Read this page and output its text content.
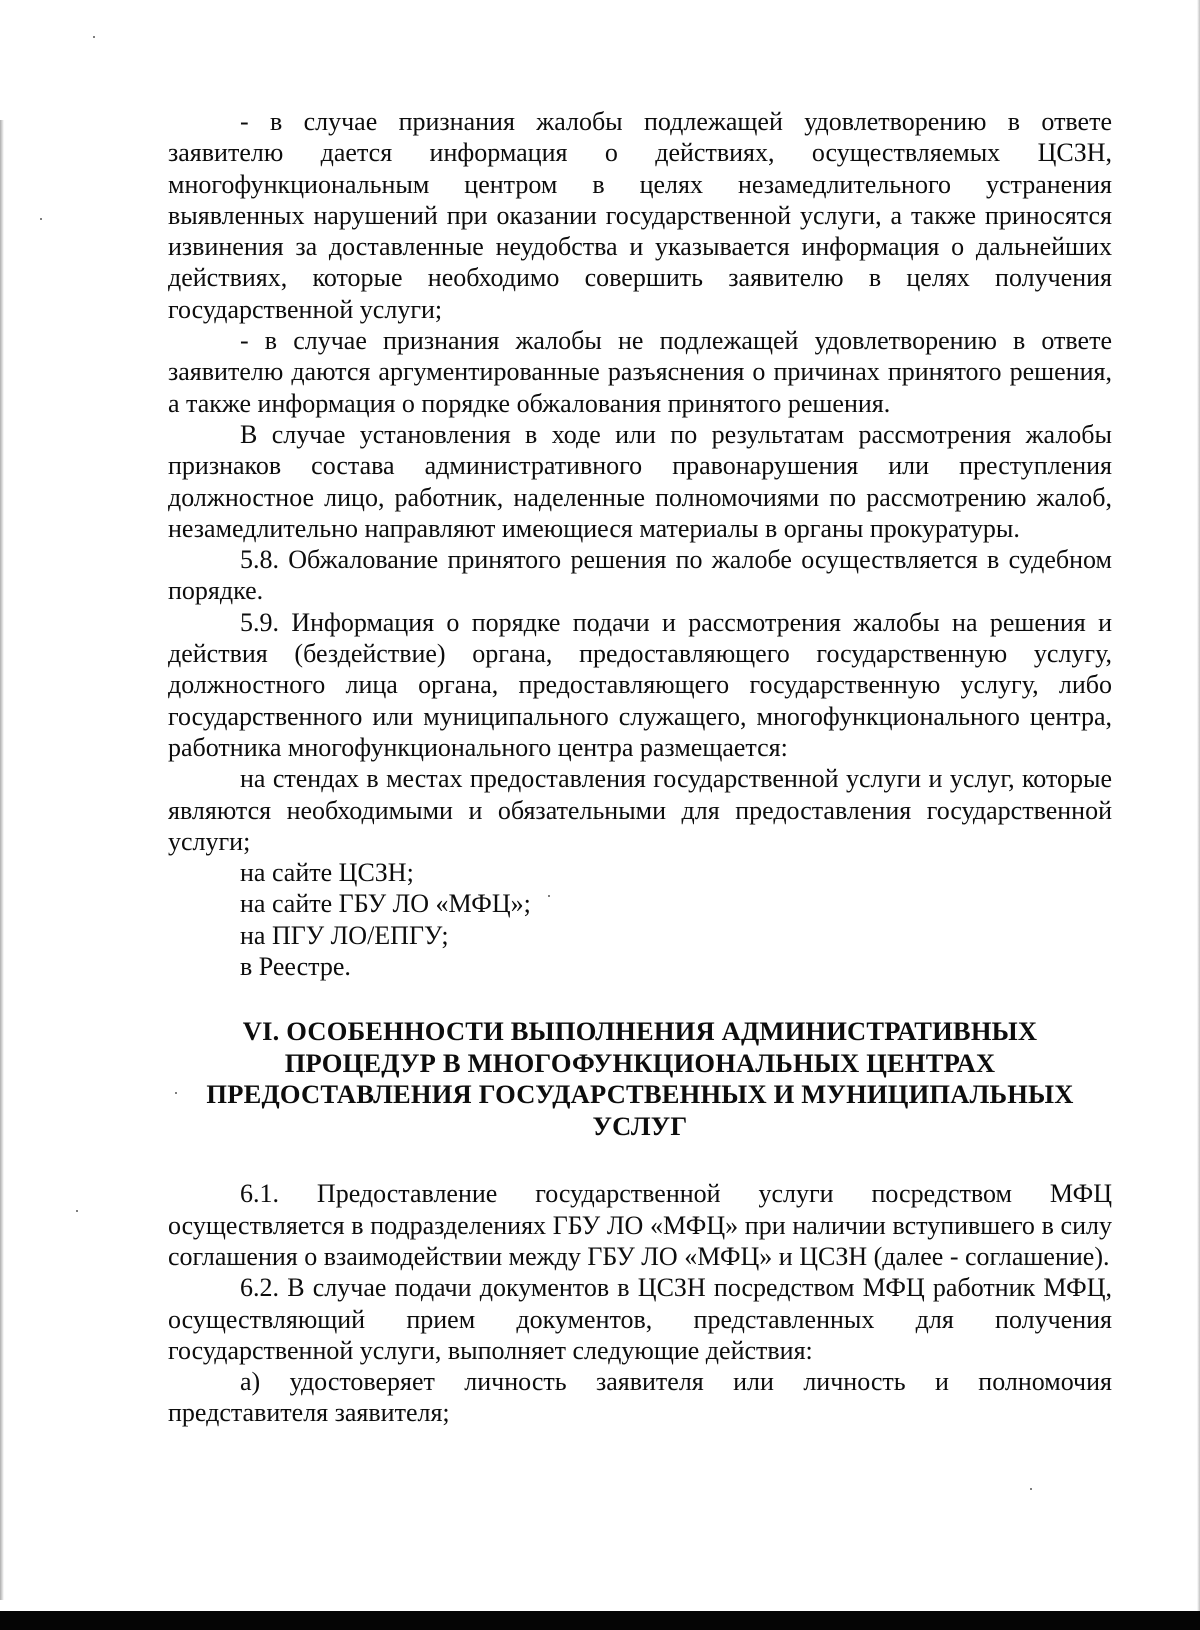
- в случае признания жалобы подлежащей удовлетворению в ответе заявителю дается информация о действиях, осуществляемых ЦСЗН, многофункциональным центром в целях незамедлительного устранения выявленных нарушений при оказании государственной услуги, а также приносятся извинения за доставленные неудобства и указывается информация о дальнейших действиях, которые необходимо совершить заявителю в целях получения государственной услуги;

- в случае признания жалобы не подлежащей удовлетворению в ответе заявителю даются аргументированные разъяснения о причинах принятого решения, а также информация о порядке обжалования принятого решения.

В случае установления в ходе или по результатам рассмотрения жалобы признаков состава административного правонарушения или преступления должностное лицо, работник, наделенные полномочиями по рассмотрению жалоб, незамедлительно направляют имеющиеся материалы в органы прокуратуры.

5.8. Обжалование принятого решения по жалобе осуществляется в судебном порядке.

5.9. Информация о порядке подачи и рассмотрения жалобы на решения и действия (бездействие) органа, предоставляющего государственную услугу, должностного лица органа, предоставляющего государственную услугу, либо государственного или муниципального служащего, многофункционального центра, работника многофункционального центра размещается:

на стендах в местах предоставления государственной услуги и услуг, которые являются необходимыми и обязательными для предоставления государственной услуги;

на сайте ЦСЗН;

на сайте ГБУ ЛО «МФЦ»;

на ПГУ ЛО/ЕПГУ;

в Реестре.

VI. ОСОБЕННОСТИ ВЫПОЛНЕНИЯ АДМИНИСТРАТИВНЫХ ПРОЦЕДУР В МНОГОФУНКЦИОНАЛЬНЫХ ЦЕНТРАХ ПРЕДОСТАВЛЕНИЯ ГОСУДАРСТВЕННЫХ И МУНИЦИПАЛЬНЫХ УСЛУГ

6.1. Предоставление государственной услуги посредством МФЦ осуществляется в подразделениях ГБУ ЛО «МФЦ» при наличии вступившего в силу соглашения о взаимодействии между ГБУ ЛО «МФЦ» и ЦСЗН (далее - соглашение).

6.2. В случае подачи документов в ЦСЗН посредством МФЦ работник МФЦ, осуществляющий прием документов, представленных для получения государственной услуги, выполняет следующие действия:

а) удостоверяет личность заявителя или личность и полномочия представителя заявителя;
